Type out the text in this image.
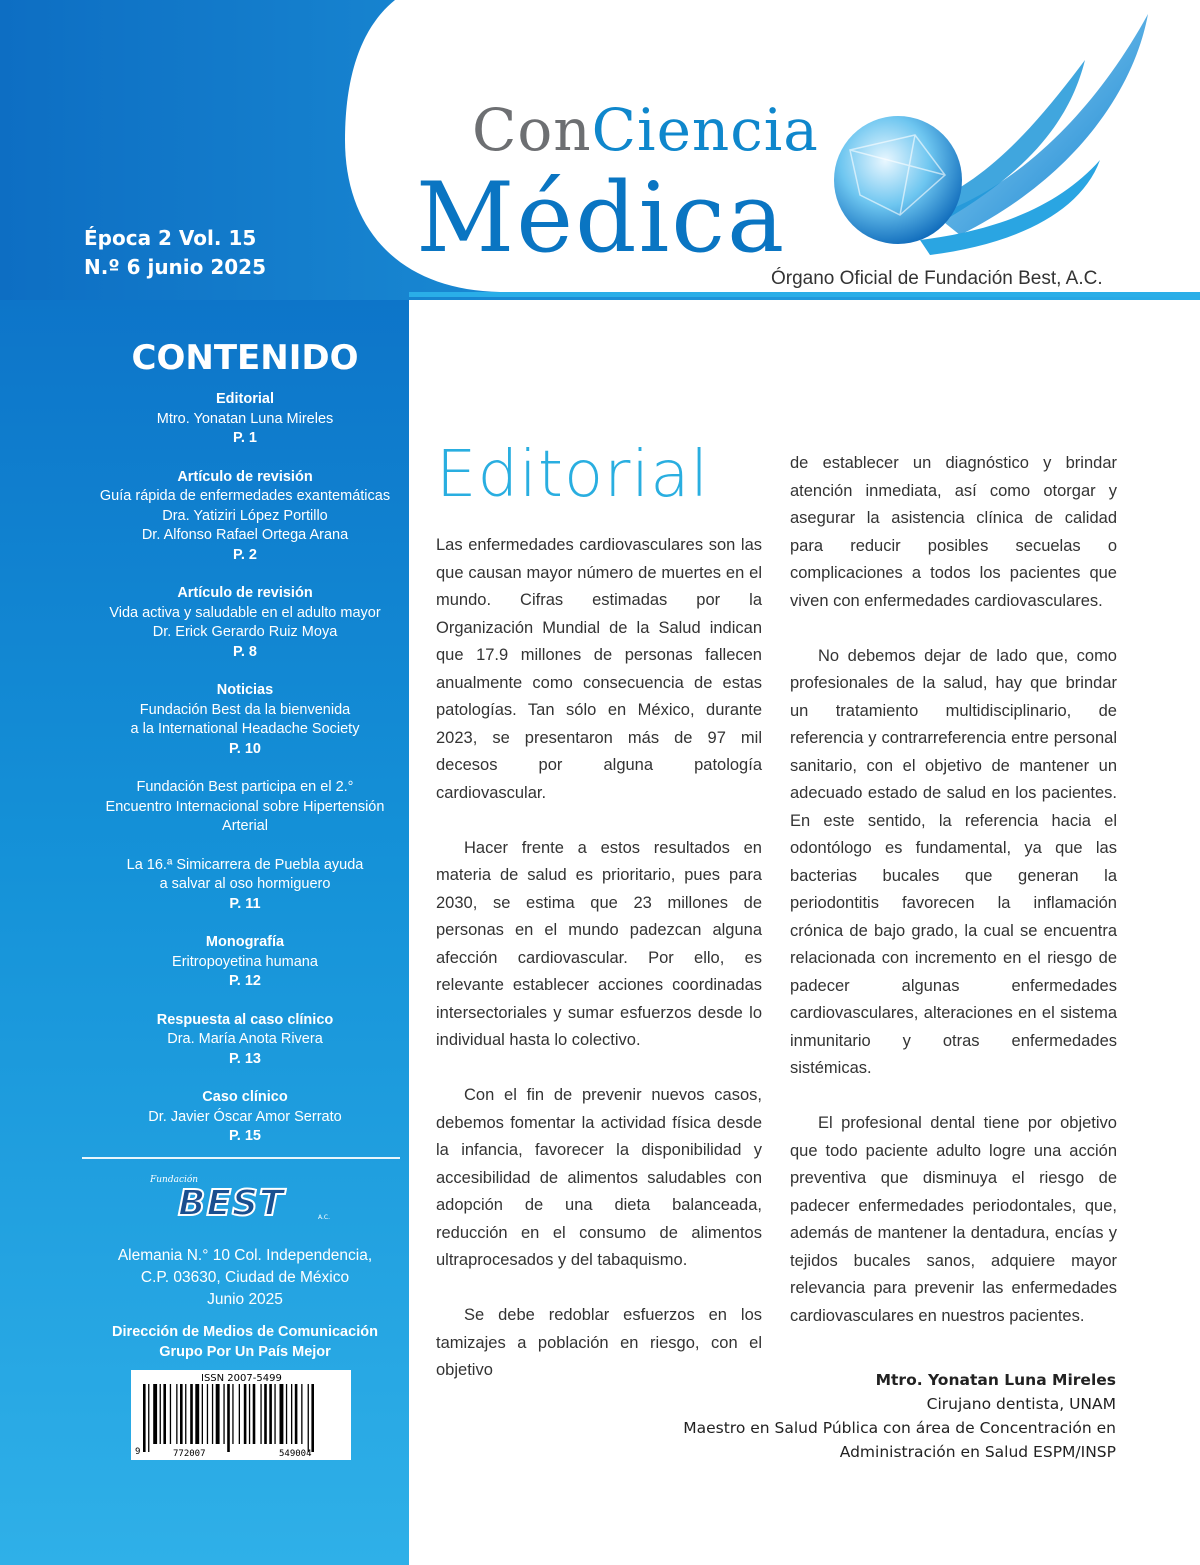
Época 2 Vol. 15
N.º 6 junio 2025
ConCiencia
Médica
Órgano Oficial de Fundación Best, A.C.
CONTENIDO
Editorial
Mtro. Yonatan Luna Mireles
P. 1
Artículo de revisión
Guía rápida de enfermedades exantemáticas
Dra. Yatiziri López Portillo
Dr. Alfonso Rafael Ortega Arana
P. 2
Artículo de revisión
Vida activa y saludable en el adulto mayor
Dr. Erick Gerardo Ruiz Moya
P. 8
Noticias
Fundación Best da la bienvenida
a la International Headache Society
P. 10
Fundación Best participa en el 2.°
Encuentro Internacional sobre Hipertensión
Arterial
La 16.ª Simicarrera de Puebla ayuda
a salvar al oso hormiguero
P. 11
Monografía
Eritropoyetina humana
P. 12
Respuesta al caso clínico
Dra. María Anota Rivera
P. 13
Caso clínico
Dr. Javier Óscar Amor Serrato
P. 15
Fundación
BEST	A.C.
Alemania N.° 10 Col. Independencia,
C.P. 03630, Ciudad de México
Junio 2025
Dirección de Medios de Comunicación
Grupo Por Un País Mejor
ISSN 2007-5499
9	772007	549004
Editorial

Las enfermedades cardiovasculares son las que causan mayor número de muertes en el mundo. Cifras estimadas por la Organización Mundial de la Salud indican que 17.9 millones de personas fallecen anualmente como consecuencia de estas patologías. Tan sólo en México, durante 2023, se presentaron más de 97 mil decesos por alguna patología cardiovascular.

Hacer frente a estos resultados en materia de salud es prioritario, pues para 2030, se estima que 23 millones de personas en el mundo padezcan alguna afección cardiovascular. Por ello, es relevante establecer acciones coordinadas intersectoriales y sumar esfuerzos desde lo individual hasta lo colectivo.

Con el fin de prevenir nuevos casos, debemos fomentar la actividad física desde la infancia, favorecer la disponibilidad y accesibilidad de alimentos saludables con adopción de una dieta balanceada, reducción en el consumo de alimentos ultraprocesados y del tabaquismo.

Se debe redoblar esfuerzos en los tamizajes a población en riesgo, con el objetivo

de establecer un diagnóstico y brindar atención inmediata, así como otorgar y asegurar la asistencia clínica de calidad para reducir posibles secuelas o complicaciones a todos los pacientes que viven con enfermedades cardiovasculares.

No debemos dejar de lado que, como profesionales de la salud, hay que brindar un tratamiento multidisciplinario, de referencia y contrarreferencia entre personal sanitario, con el objetivo de mantener un adecuado estado de salud en los pacientes. En este sentido, la referencia hacia el odontólogo es fundamental, ya que las bacterias bucales que generan la periodontitis favorecen la inflamación crónica de bajo grado, la cual se encuentra relacionada con incremento en el riesgo de padecer algunas enfermedades cardiovasculares, alteraciones en el sistema inmunitario y otras enfermedades sistémicas.

El profesional dental tiene por objetivo que todo paciente adulto logre una acción preventiva que disminuya el riesgo de padecer enfermedades periodontales, que, además de mantener la dentadura, encías y tejidos bucales sanos, adquiere mayor relevancia para prevenir las enfermedades cardiovasculares en nuestros pacientes.

Mtro. Yonatan Luna Mireles
Cirujano dentista, UNAM
Maestro en Salud Pública con área de Concentración en
Administración en Salud ESPM/INSP
